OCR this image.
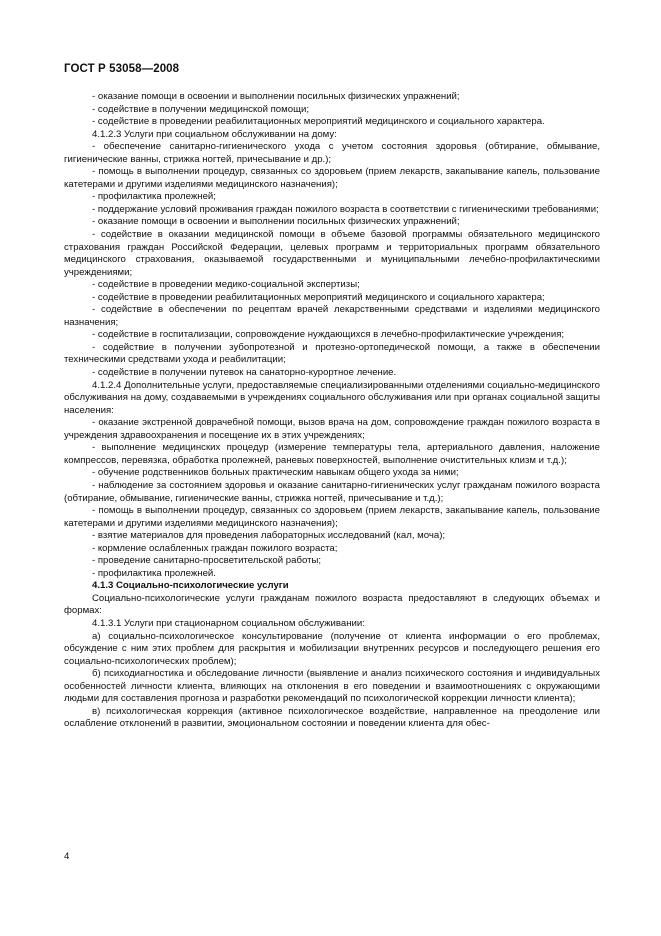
ГОСТ Р 53058—2008
- оказание помощи в освоении и выполнении посильных физических упражнений;
- содействие в получении медицинской помощи;
- содействие в проведении реабилитационных мероприятий медицинского и социального характера.
4.1.2.3 Услуги при социальном обслуживании на дому:
- обеспечение санитарно-гигиенического ухода с учетом состояния здоровья (обтирание, обмывание, гигиенические ванны, стрижка ногтей, причесывание и др.);
- помощь в выполнении процедур, связанных со здоровьем (прием лекарств, закапывание капель, пользование катетерами и другими изделиями медицинского назначения);
- профилактика пролежней;
- поддержание условий проживания граждан пожилого возраста в соответствии с гигиеническими требованиями;
- оказание помощи в освоении и выполнении посильных физических упражнений;
- содействие в оказании медицинской помощи в объеме базовой программы обязательного медицинского страхования граждан Российской Федерации, целевых программ и территориальных программ обязательного медицинского страхования, оказываемой государственными и муниципальными лечебно-профилактическими учреждениями;
- содействие в проведении медико-социальной экспертизы;
- содействие в проведении реабилитационных мероприятий медицинского и социального характера;
- содействие в обеспечении по рецептам врачей лекарственными средствами и изделиями медицинского назначения;
- содействие в госпитализации, сопровождение нуждающихся в лечебно-профилактические учреждения;
- содействие в получении зубопротезной и протезно-ортопедической помощи, а также в обеспечении техническими средствами ухода и реабилитации;
- содействие в получении путевок на санаторно-курортное лечение.
4.1.2.4 Дополнительные услуги, предоставляемые специализированными отделениями социально-медицинского обслуживания на дому, создаваемыми в учреждениях социального обслуживания или при органах социальной защиты населения:
- оказание экстренной доврачебной помощи, вызов врача на дом, сопровождение граждан пожилого возраста в учреждения здравоохранения и посещение их в этих учреждениях;
- выполнение медицинских процедур (измерение температуры тела, артериального давления, наложение компрессов, перевязка, обработка пролежней, раневых поверхностей, выполнение очистительных клизм и т.д.);
- обучение родственников больных практическим навыкам общего ухода за ними;
- наблюдение за состоянием здоровья и оказание санитарно-гигиенических услуг гражданам пожилого возраста (обтирание, обмывание, гигиенические ванны, стрижка ногтей, причесывание и т.д.);
- помощь в выполнении процедур, связанных со здоровьем (прием лекарств, закапывание капель, пользование катетерами и другими изделиями медицинского назначения);
- взятие материалов для проведения лабораторных исследований (кал, моча);
- кормление ослабленных граждан пожилого возраста;
- проведение санитарно-просветительской работы;
- профилактика пролежней.
4.1.3 Социально-психологические услуги
Социально-психологические услуги гражданам пожилого возраста предоставляют в следующих объемах и формах:
4.1.3.1 Услуги при стационарном социальном обслуживании:
а) социально-психологическое консультирование (получение от клиента информации о его проблемах, обсуждение с ним этих проблем для раскрытия и мобилизации внутренних ресурсов и последующего решения его социально-психологических проблем);
б) психодиагностика и обследование личности (выявление и анализ психического состояния и индивидуальных особенностей личности клиента, влияющих на отклонения в его поведении и взаимоотношениях с окружающими людьми для составления прогноза и разработки рекомендаций по психологической коррекции личности клиента);
в) психологическая коррекция (активное психологическое воздействие, направленное на преодоление или ослабление отклонений в развитии, эмоциональном состоянии и поведении клиента для обес-
4
